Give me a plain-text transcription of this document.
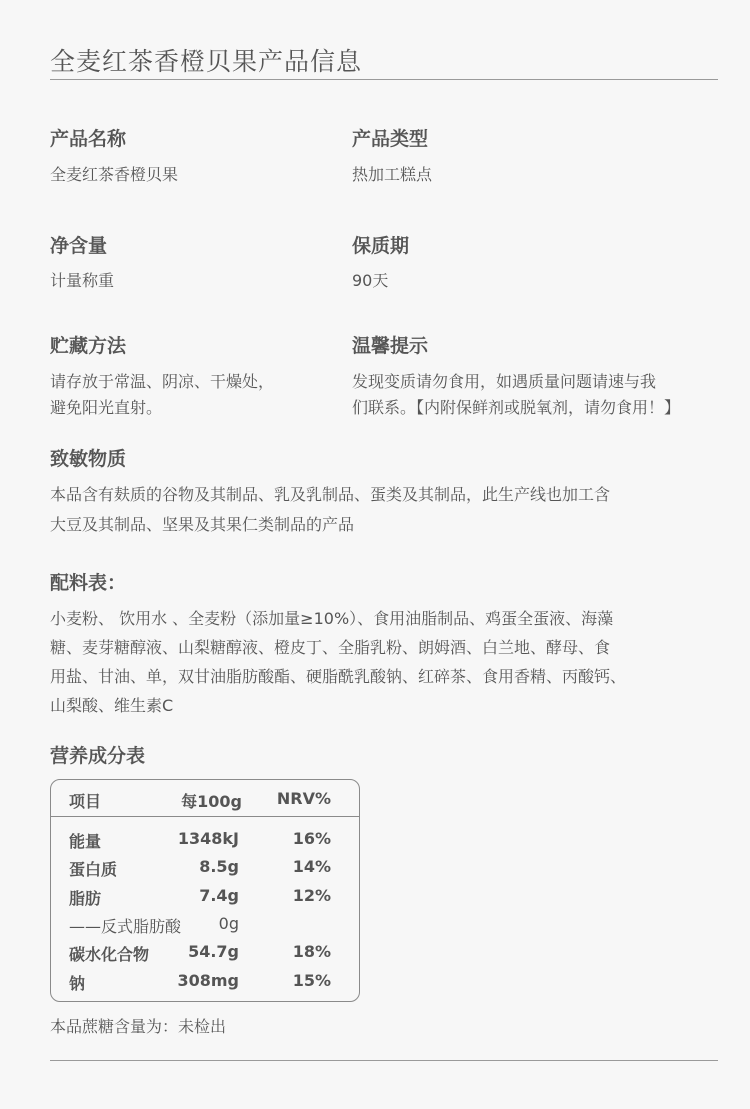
全麦红茶香橙贝果产品信息
产品名称
全麦红茶香橙贝果
产品类型
热加工糕点
净含量
计量称重
保质期
90天
贮藏方法
请存放于常温、阴凉、干燥处，
避免阳光直射。
温馨提示
发现变质请勿食用，如遇质量问题请速与我
们联系。【内附保鲜剂或脱氧剂，请勿食用！】
致敏物质
本品含有麸质的谷物及其制品、乳及乳制品、蛋类及其制品，此生产线也加工含
大豆及其制品、坚果及其果仁类制品的产品
配料表：
小麦粉、 饮用水 、全麦粉（添加量≥10%）、食用油脂制品、鸡蛋全蛋液、海藻
糖、麦芽糖醇液、山梨糖醇液、橙皮丁、全脂乳粉、朗姆酒、白兰地、酵母、食
用盐、甘油、单，双甘油脂肪酸酯、硬脂酰乳酸钠、红碎茶、食用香精、丙酸钙、
山梨酸、维生素C
营养成分表
项目	每100g NRV%
能量	1348kJ	16%
蛋白质	8.5g	14%
脂肪	7.4g	12%
——反式脂肪酸 0g
碳水化合物 54.7g	18%
钠	308mg	15%
本品蔗糖含量为：未检出
